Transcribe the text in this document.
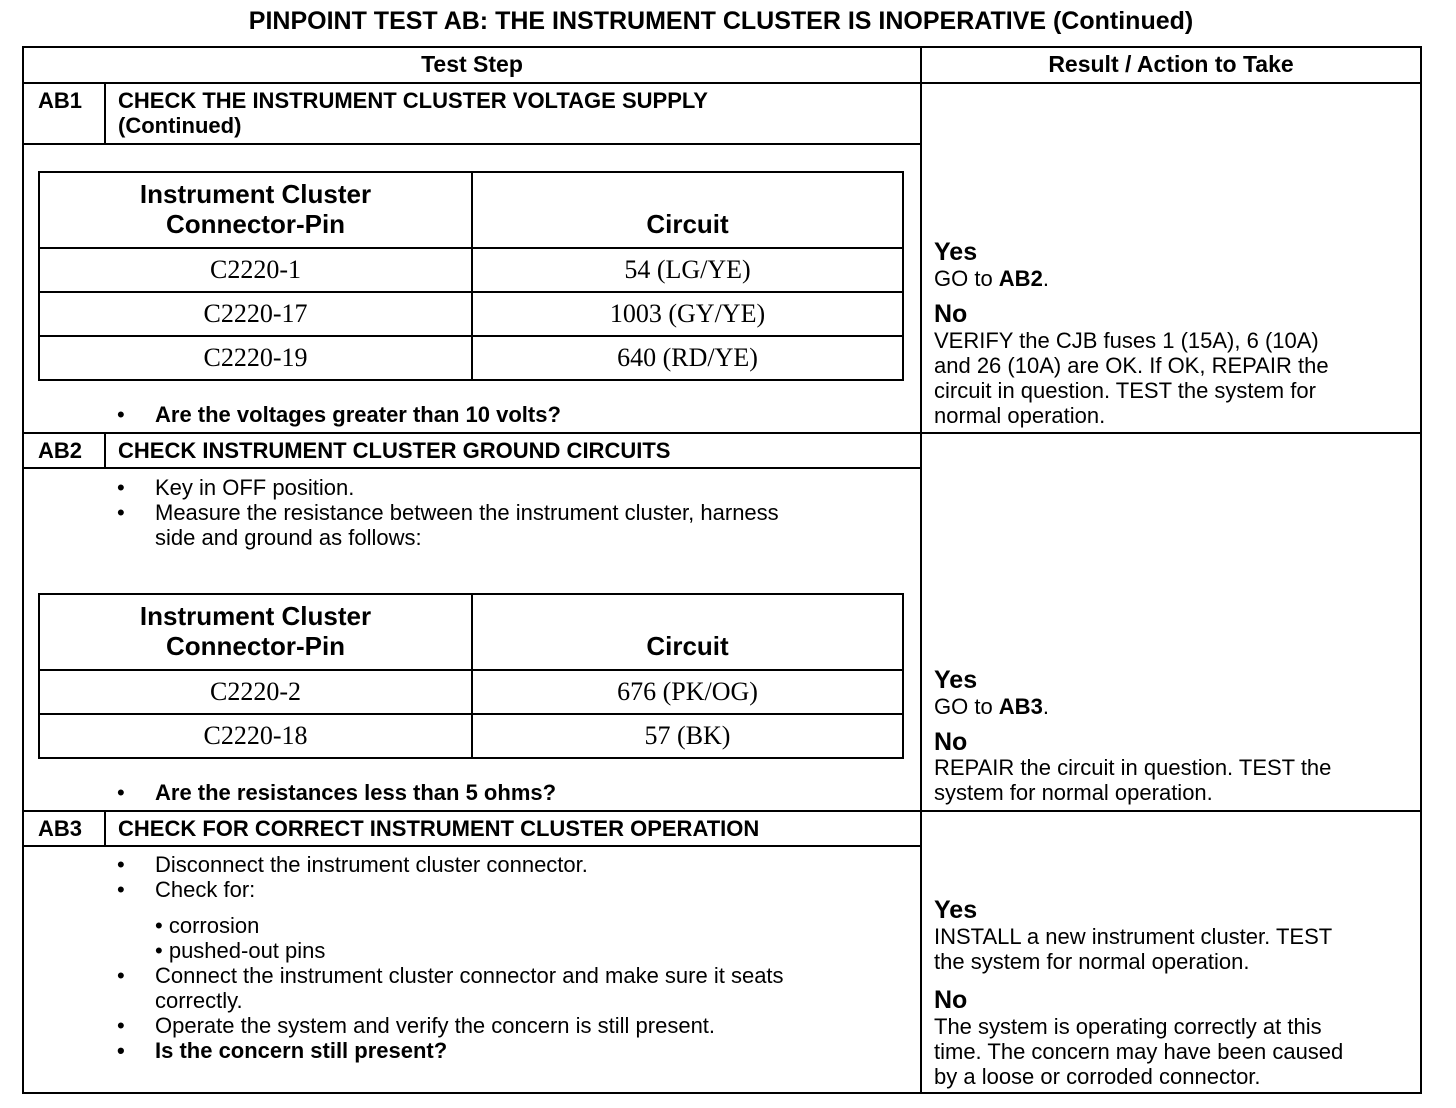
PINPOINT TEST AB: THE INSTRUMENT CLUSTER IS INOPERATIVE (Continued)
Test Step	Result / Action to Take
AB1 CHECK THE INSTRUMENT CLUSTER VOLTAGE SUPPLY
(Continued)
Instrument Cluster
Connector-Pin	Circuit
C2220-1	54 (LG/YE)
C2220-17	1003 (GY/YE)
C2220-19	640 (RD/YE)
•	Are the voltages greater than 10 volts?
Yes
GO to AB2.
No
VERIFY the CJB fuses 1 (15A), 6 (10A)
and 26 (10A) are OK. If OK, REPAIR the
circuit in question. TEST the system for
normal operation.
AB2 CHECK INSTRUMENT CLUSTER GROUND CIRCUITS
•	Key in OFF position.
•	Measure the resistance between the instrument cluster, harness
side and ground as follows:
Instrument Cluster
Connector-Pin	Circuit
C2220-2	676 (PK/OG)
C2220-18	57 (BK)
•	Are the resistances less than 5 ohms?
Yes
GO to AB3.
No
REPAIR the circuit in question. TEST the
system for normal operation.
AB3 CHECK FOR CORRECT INSTRUMENT CLUSTER OPERATION
•	Disconnect the instrument cluster connector.
•	Check for:
• corrosion
• pushed-out pins
•	Connect the instrument cluster connector and make sure it seats
correctly.
•	Operate the system and verify the concern is still present.
•	Is the concern still present?
Yes
INSTALL a new instrument cluster. TEST
the system for normal operation.
No
The system is operating correctly at this
time. The concern may have been caused
by a loose or corroded connector.
